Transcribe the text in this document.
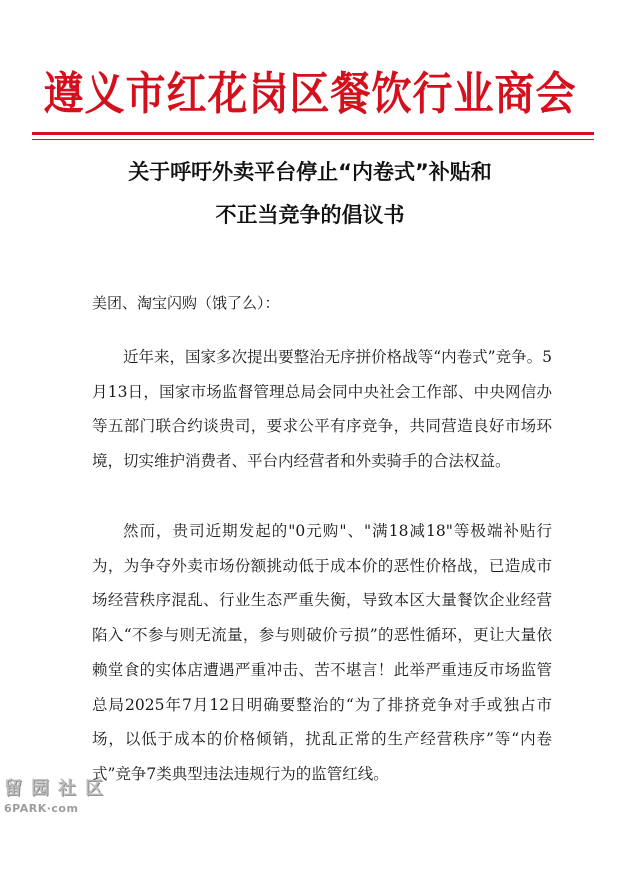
遵义市红花岗区餐饮行业商会
关于呼吁外卖平台停止“内卷式”补贴和
不正当竞争的倡议书
美团、淘宝闪购（饿了么）：

近年来，国家多次提出要整治无序拼价格战等“内卷式”竞争。5月13日，国家市场监督管理总局会同中央社会工作部、中央网信办等五部门联合约谈贵司，要求公平有序竞争，共同营造良好市场环境，切实维护消费者、平台内经营者和外卖骑手的合法权益。

然而，贵司近期发起的"0元购"、"满18减18"等极端补贴行为，为争夺外卖市场份额挑动低于成本价的恶性价格战，已造成市场经营秩序混乱、行业生态严重失衡，导致本区大量餐饮企业经营陷入“不参与则无流量，参与则破价亏损”的恶性循环，更让大量依赖堂食的实体店遭遇严重冲击、苦不堪言！此举严重违反市场监管总局2025年7月12日明确要整治的“为了排挤竞争对手或独占市场，以低于成本的价格倾销，扰乱正常的生产经营秩序”等“内卷式”竞争7类典型违法违规行为的监管红线。

留园社区
6PARK·com
